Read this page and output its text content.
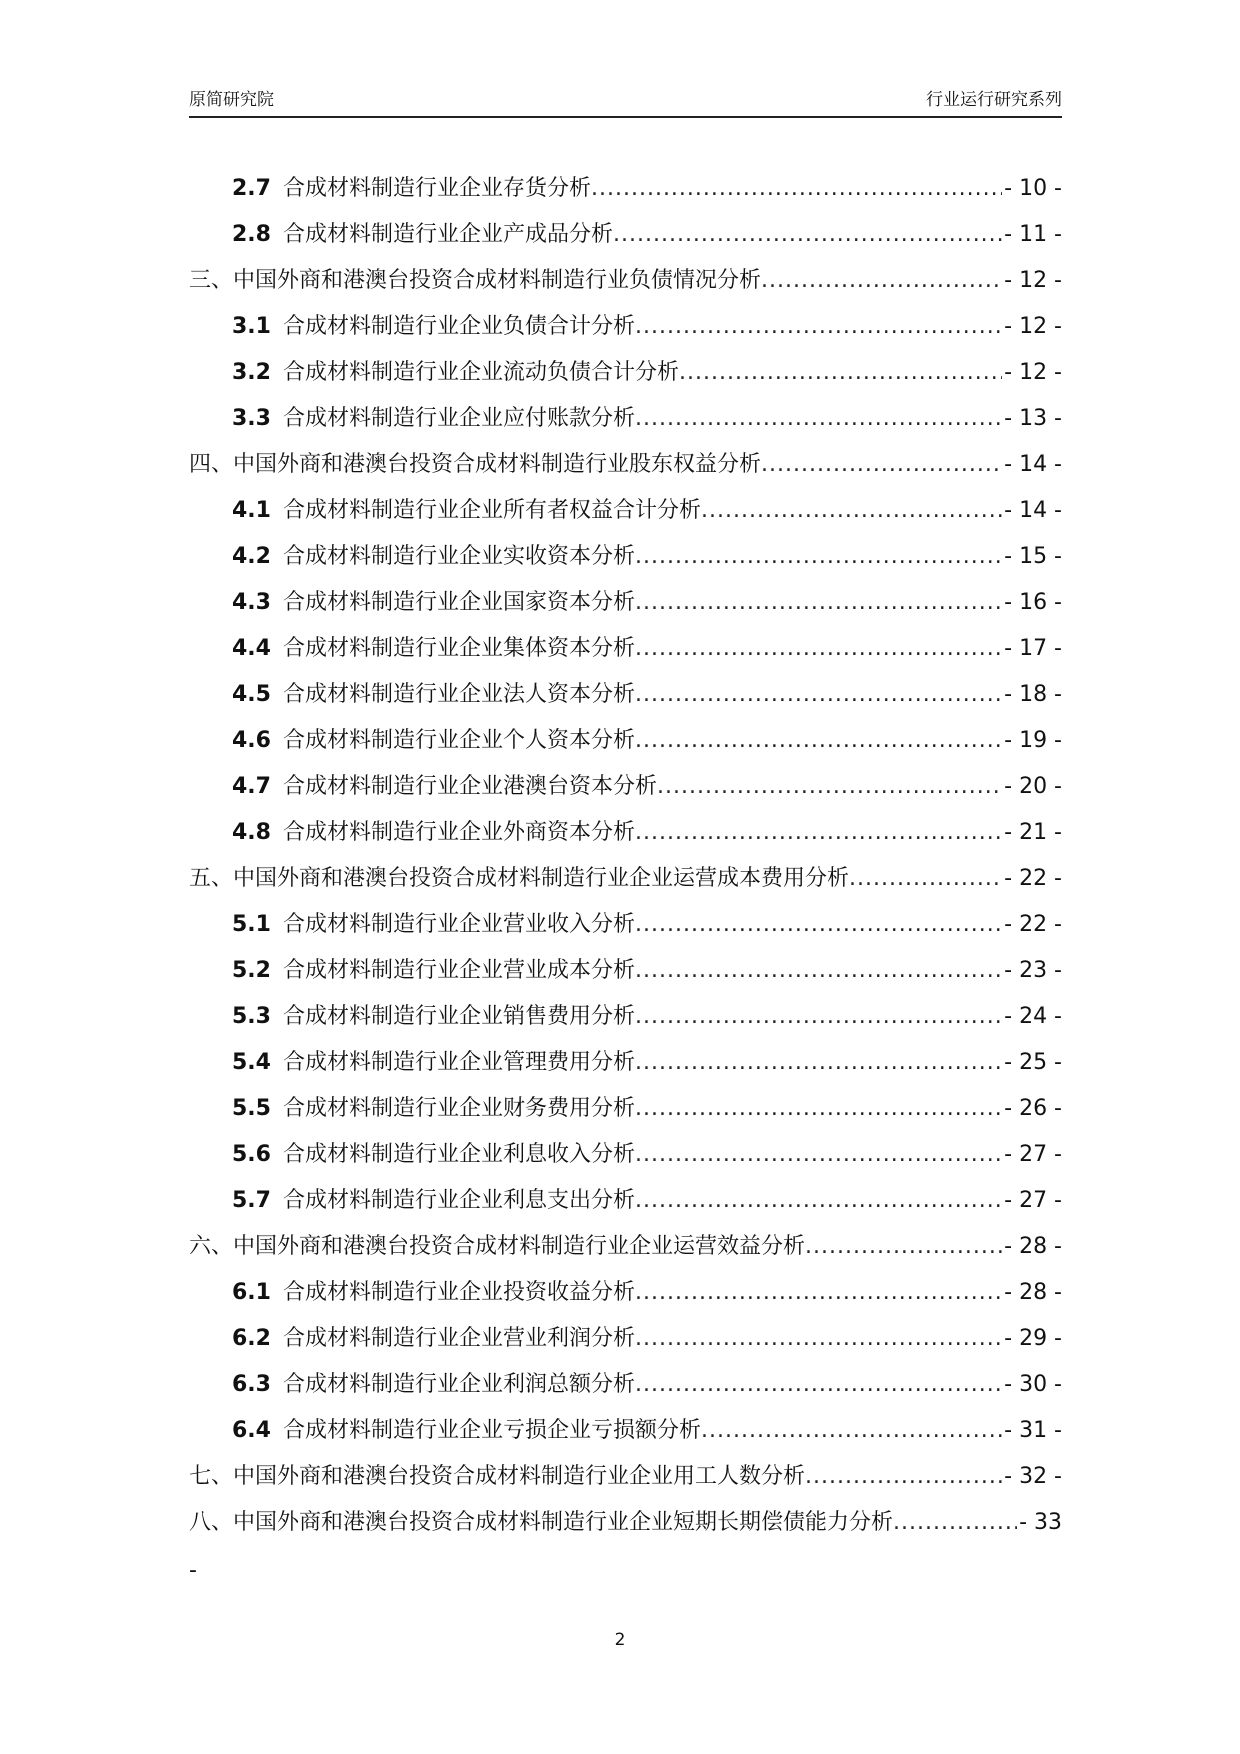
原简研究院	行业运行研究系列
2.7 合成材料制造行业企业存货分析 .....	- 10 -
2.8 合成材料制造行业企业产成品分析 .....	- 11 -
三、中国外商和港澳台投资合成材料制造行业负债情况分析 .....	- 12 -
3.1 合成材料制造行业企业负债合计分析 .....	- 12 -
3.2 合成材料制造行业企业流动负债合计分析 .....	- 12 -
3.3 合成材料制造行业企业应付账款分析 .....	- 13 -
四、中国外商和港澳台投资合成材料制造行业股东权益分析 .....	- 14 -
4.1 合成材料制造行业企业所有者权益合计分析 .....	- 14 -
4.2 合成材料制造行业企业实收资本分析 .....	- 15 -
4.3 合成材料制造行业企业国家资本分析 .....	- 16 -
4.4 合成材料制造行业企业集体资本分析 .....	- 17 -
4.5 合成材料制造行业企业法人资本分析 .....	- 18 -
4.6 合成材料制造行业企业个人资本分析 .....	- 19 -
4.7 合成材料制造行业企业港澳台资本分析 .....	- 20 -
4.8 合成材料制造行业企业外商资本分析 .....	- 21 -
五、中国外商和港澳台投资合成材料制造行业企业运营成本费用分析 .....	- 22 -
5.1 合成材料制造行业企业营业收入分析 .....	- 22 -
5.2 合成材料制造行业企业营业成本分析 .....	- 23 -
5.3 合成材料制造行业企业销售费用分析 .....	- 24 -
5.4 合成材料制造行业企业管理费用分析 .....	- 25 -
5.5 合成材料制造行业企业财务费用分析 .....	- 26 -
5.6 合成材料制造行业企业利息收入分析 .....	- 27 -
5.7 合成材料制造行业企业利息支出分析 .....	- 27 -
六、中国外商和港澳台投资合成材料制造行业企业运营效益分析 .....	- 28 -
6.1 合成材料制造行业企业投资收益分析 .....	- 28 -
6.2 合成材料制造行业企业营业利润分析 .....	- 29 -
6.3 合成材料制造行业企业利润总额分析 .....	- 30 -
6.4 合成材料制造行业企业亏损企业亏损额分析 .....	- 31 -
七、中国外商和港澳台投资合成材料制造行业企业用工人数分析 .....	- 32 -
八、中国外商和港澳台投资合成材料制造行业企业短期长期偿债能力分析 .....	- 33
-
2
